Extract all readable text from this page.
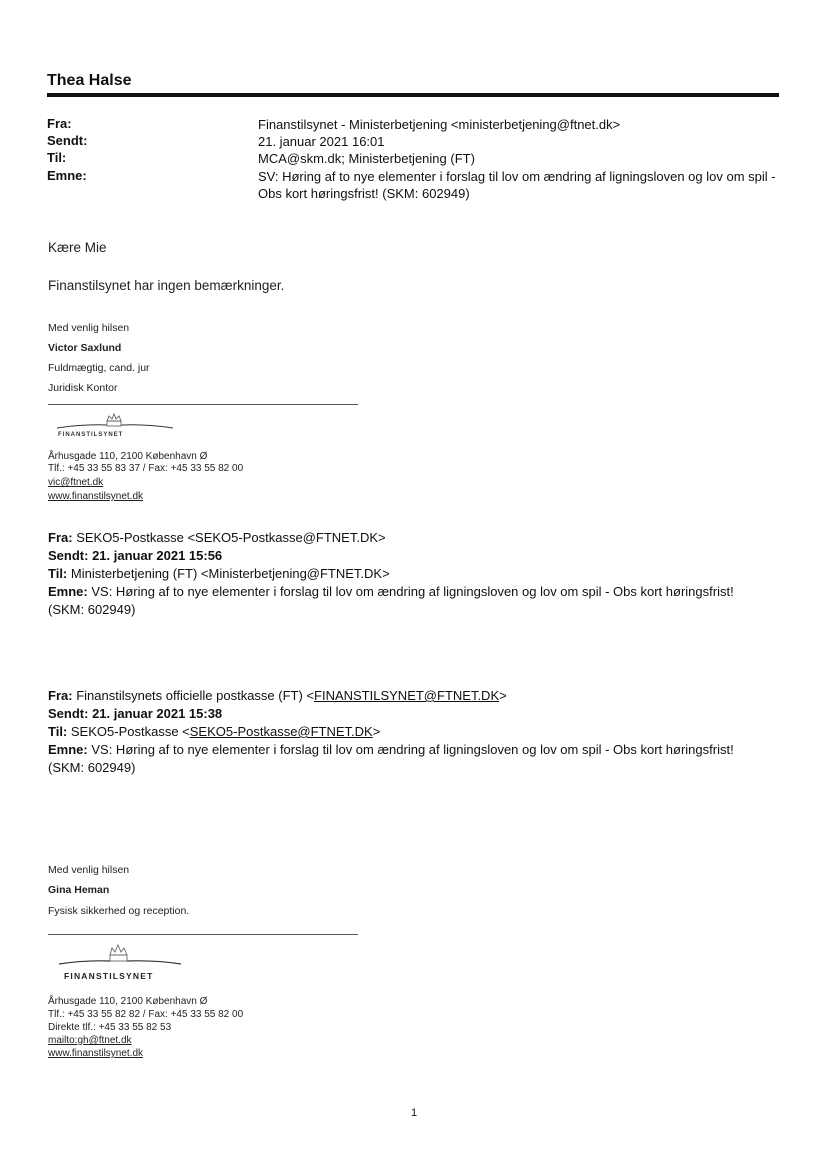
Thea Halse
Fra:	Finanstilsynet - Ministerbetjening <ministerbetjening@ftnet.dk>
Sendt:	21. januar 2021 16:01
Til:	MCA@skm.dk; Ministerbetjening (FT)
Emne:	SV: Høring af to nye elementer i forslag til lov om ændring af ligningsloven og lov om spil - Obs kort høringsfrist! (SKM: 602949)
Kære Mie
Finanstilsynet har ingen bemærkninger.
Med venlig hilsen
Victor Saxlund
Fuldmægtig, cand. jur
Juridisk Kontor
FINANSTILSYNET
Århusgade 110, 2100 København Ø
Tlf.: +45 33 55 83 37 / Fax: +45 33 55 82 00
vic@ftnet.dk
www.finanstilsynet.dk
Fra: SEKO5-Postkasse <SEKO5-Postkasse@FTNET.DK>
Sendt: 21. januar 2021 15:56
Til: Ministerbetjening (FT) <Ministerbetjening@FTNET.DK>
Emne: VS: Høring af to nye elementer i forslag til lov om ændring af ligningsloven og lov om spil - Obs kort høringsfrist! (SKM: 602949)
Fra: Finanstilsynets officielle postkasse (FT) <FINANSTILSYNET@FTNET.DK>
Sendt: 21. januar 2021 15:38
Til: SEKO5-Postkasse <SEKO5-Postkasse@FTNET.DK>
Emne: VS: Høring af to nye elementer i forslag til lov om ændring af ligningsloven og lov om spil - Obs kort høringsfrist! (SKM: 602949)
Med venlig hilsen
Gina Heman
Fysisk sikkerhed og reception.
FINANSTILSYNET
Århusgade 110, 2100 København Ø
Tlf.: +45 33 55 82 82 / Fax: +45 33 55 82 00
Direkte tlf.: +45 33 55 82 53
mailto:gh@ftnet.dk
www.finanstilsynet.dk
1
